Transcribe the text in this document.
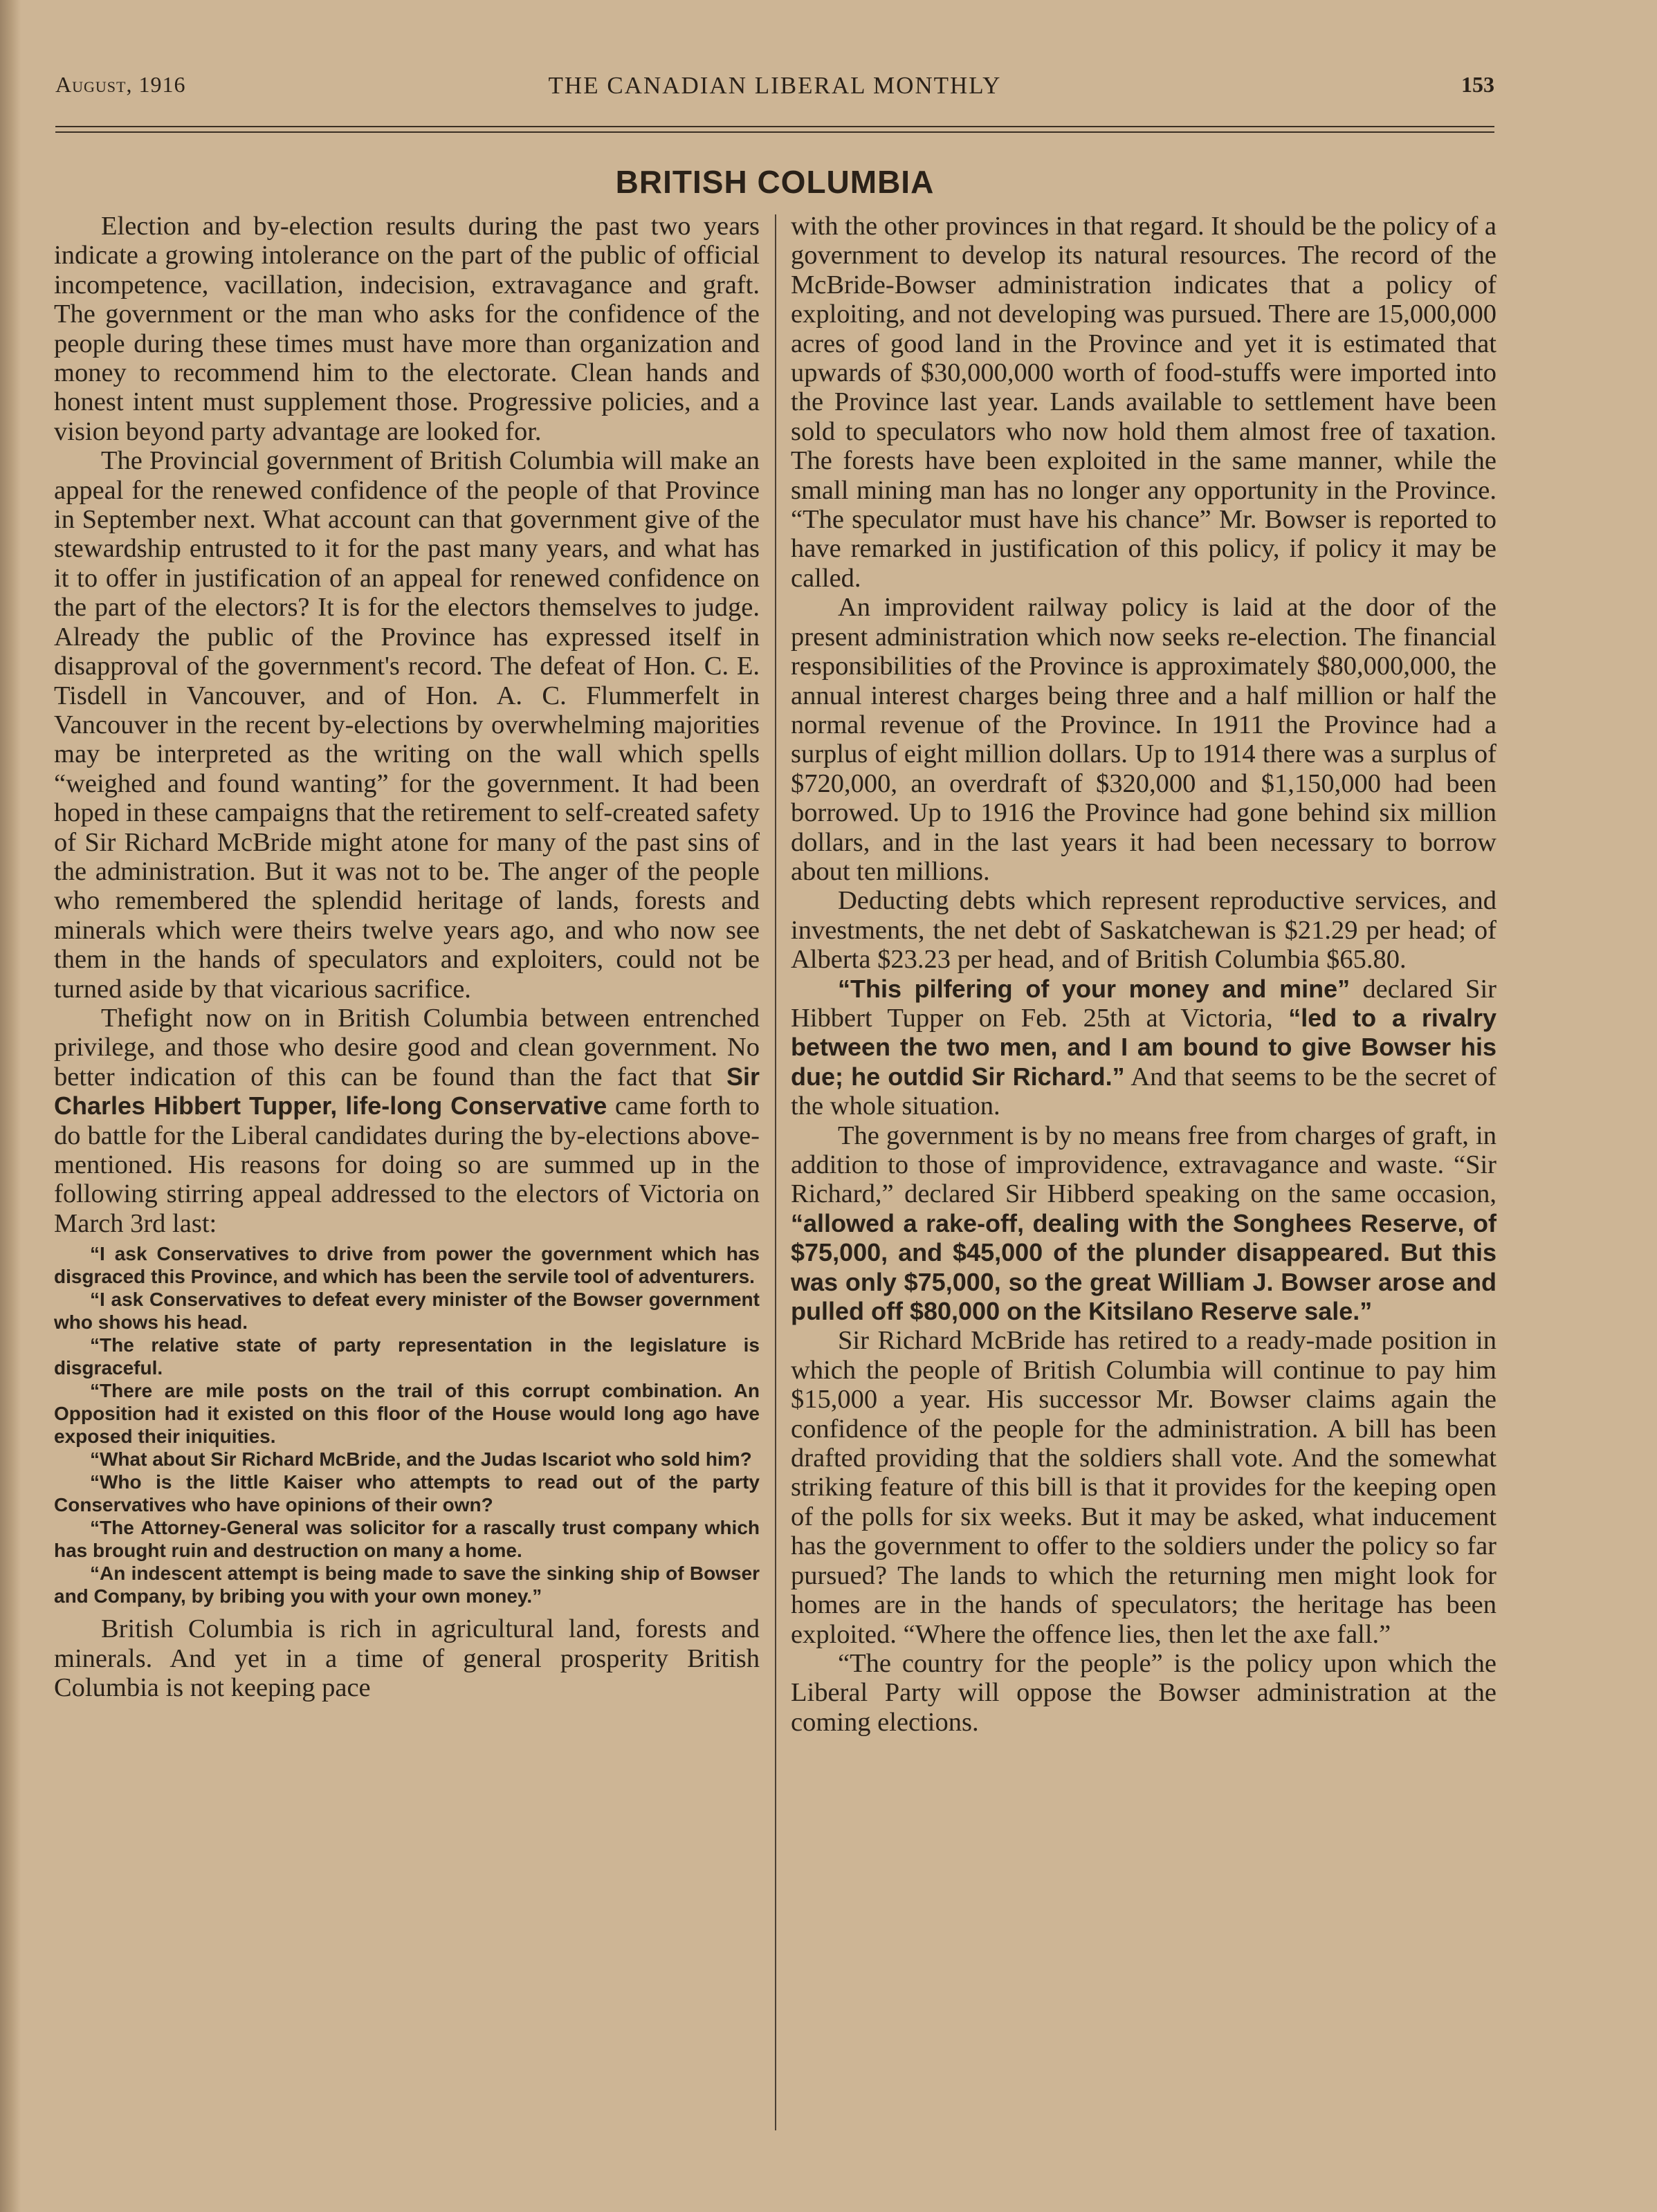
August, 1916	THE CANADIAN LIBERAL MONTHLY	153
BRITISH COLUMBIA

Election and by-election results during the past two years indicate a growing intolerance on the part of the public of official incompetence, vacillation, indecision, extravagance and graft. The government or the man who asks for the confidence of the people during these times must have more than organization and money to recommend him to the electorate. Clean hands and honest intent must supplement those. Progressive policies, and a vision beyond party advantage are looked for.

The Provincial government of British Columbia will make an appeal for the renewed confidence of the people of that Province in September next. What account can that government give of the stewardship entrusted to it for the past many years, and what has it to offer in justification of an appeal for renewed confidence on the part of the electors? It is for the electors themselves to judge. Already the public of the Province has expressed itself in disapproval of the government's record. The defeat of Hon. C. E. Tisdell in Vancouver, and of Hon. A. C. Flummerfelt in Vancouver in the recent by-elections by overwhelming majorities may be interpreted as the writing on the wall which spells “weighed and found wanting” for the government. It had been hoped in these campaigns that the retirement to self-created safety of Sir Richard McBride might atone for many of the past sins of the administration. But it was not to be. The anger of the people who remembered the splendid heritage of lands, forests and minerals which were theirs twelve years ago, and who now see them in the hands of speculators and exploiters, could not be turned aside by that vicarious sacrifice.

Thefight now on in British Columbia between entrenched privilege, and those who desire good and clean government. No better indication of this can be found than the fact that Sir Charles Hibbert Tupper, life-long Conservative came forth to do battle for the Liberal candidates during the by-elections above-mentioned. His reasons for doing so are summed up in the following stirring appeal addressed to the electors of Victoria on March 3rd last:

“I ask Conservatives to drive from power the government which has disgraced this Province, and which has been the servile tool of adventurers.

“I ask Conservatives to defeat every minister of the Bowser government who shows his head.

“The relative state of party representation in the legislature is disgraceful.

“There are mile posts on the trail of this corrupt combination. An Opposition had it existed on this floor of the House would long ago have exposed their iniquities.

“What about Sir Richard McBride, and the Judas Iscariot who sold him?

“Who is the little Kaiser who attempts to read out of the party Conservatives who have opinions of their own?

“The Attorney-General was solicitor for a rascally trust company which has brought ruin and destruction on many a home.

“An indescent attempt is being made to save the sinking ship of Bowser and Company, by bribing you with your own money.”

British Columbia is rich in agricultural land, forests and minerals. And yet in a time of general prosperity British Columbia is not keeping pace

with the other provinces in that regard. It should be the policy of a government to develop its natural resources. The record of the McBride-Bowser administration indicates that a policy of exploiting, and not developing was pursued. There are 15,000,000 acres of good land in the Province and yet it is estimated that upwards of $30,000,000 worth of food-stuffs were imported into the Province last year. Lands available to settlement have been sold to speculators who now hold them almost free of taxation. The forests have been exploited in the same manner, while the small mining man has no longer any opportunity in the Province. “The speculator must have his chance” Mr. Bowser is reported to have remarked in justification of this policy, if policy it may be called.

An improvident railway policy is laid at the door of the present administration which now seeks re-election. The financial responsibilities of the Province is approximately $80,000,000, the annual interest charges being three and a half million or half the normal revenue of the Province. In 1911 the Province had a surplus of eight million dollars. Up to 1914 there was a surplus of $720,000, an overdraft of $320,000 and $1,150,000 had been borrowed. Up to 1916 the Province had gone behind six million dollars, and in the last years it had been necessary to borrow about ten millions.

Deducting debts which represent reproductive services, and investments, the net debt of Saskatchewan is $21.29 per head; of Alberta $23.23 per head, and of British Columbia $65.80.

“This pilfering of your money and mine” declared Sir Hibbert Tupper on Feb. 25th at Victoria, “led to a rivalry between the two men, and I am bound to give Bowser his due; he outdid Sir Richard.” And that seems to be the secret of the whole situation.

The government is by no means free from charges of graft, in addition to those of improvidence, extravagance and waste. “Sir Richard,” declared Sir Hibberd speaking on the same occasion, “allowed a rake-off, dealing with the Songhees Reserve, of $75,000, and $45,000 of the plunder disappeared. But this was only $75,000, so the great William J. Bowser arose and pulled off $80,000 on the Kitsilano Reserve sale.”

Sir Richard McBride has retired to a ready-made position in which the people of British Columbia will continue to pay him $15,000 a year. His successor Mr. Bowser claims again the confidence of the people for the administration. A bill has been drafted providing that the soldiers shall vote. And the somewhat striking feature of this bill is that it provides for the keeping open of the polls for six weeks. But it may be asked, what inducement has the government to offer to the soldiers under the policy so far pursued? The lands to which the returning men might look for homes are in the hands of speculators; the heritage has been exploited. “Where the offence lies, then let the axe fall.”

“The country for the people” is the policy upon which the Liberal Party will oppose the Bowser administration at the coming elections.
